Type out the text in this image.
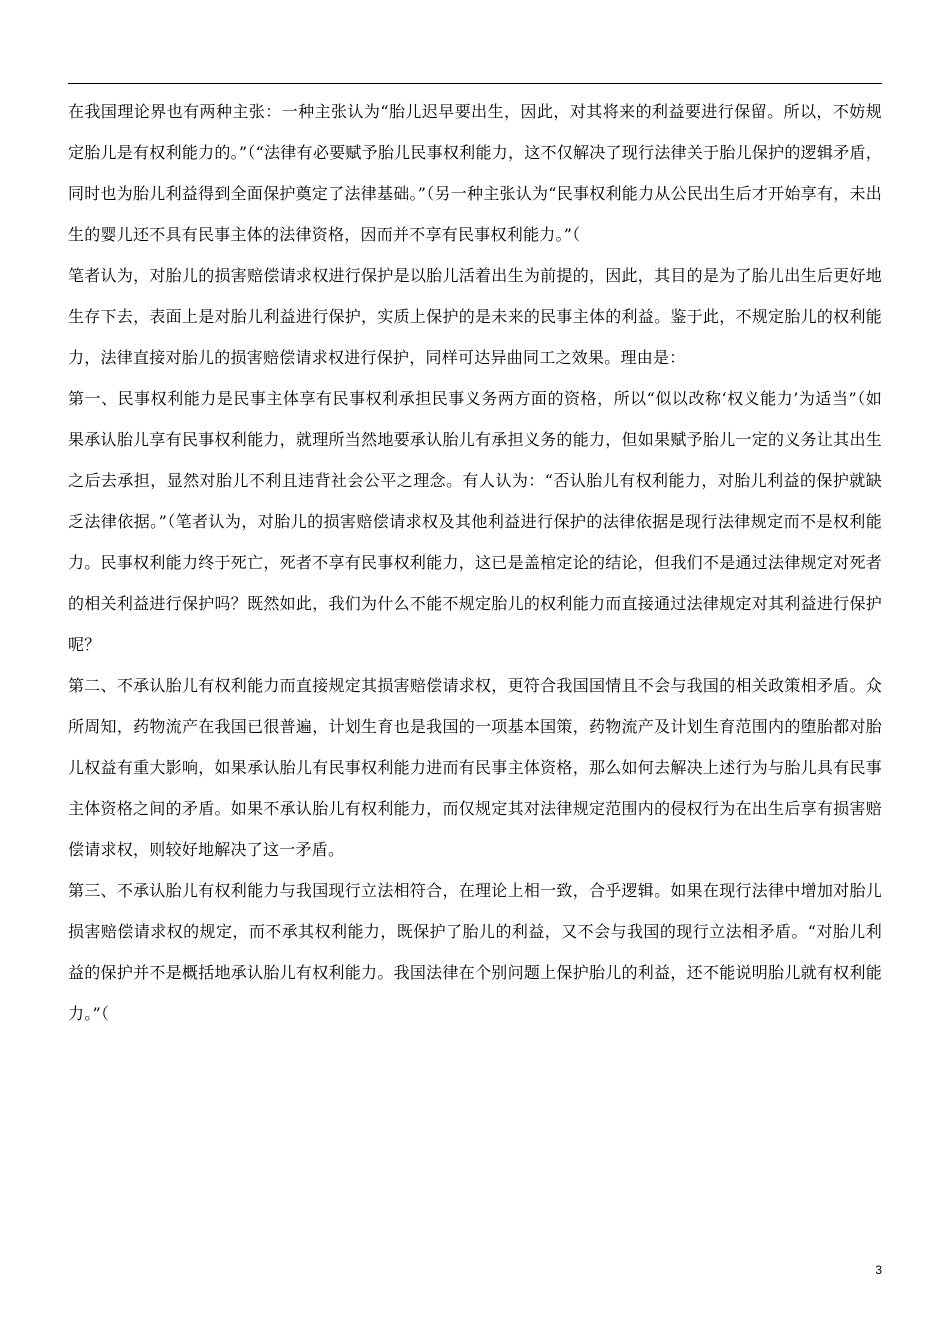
在我国理论界也有两种主张：一种主张认为“胎儿迟早要出生，因此，对其将来的利益要进行保留。所以，不妨规定胎儿是有权利能力的。”（“法律有必要赋予胎儿民事权利能力，这不仅解决了现行法律关于胎儿保护的逻辑矛盾，同时也为胎儿利益得到全面保护奠定了法律基础。”（另一种主张认为“民事权利能力从公民出生后才开始享有，未出生的婴儿还不具有民事主体的法律资格，因而并不享有民事权利能力。”（

笔者认为，对胎儿的损害赔偿请求权进行保护是以胎儿活着出生为前提的，因此，其目的是为了胎儿出生后更好地生存下去，表面上是对胎儿利益进行保护，实质上保护的是未来的民事主体的利益。鉴于此，不规定胎儿的权利能力，法律直接对胎儿的损害赔偿请求权进行保护，同样可达异曲同工之效果。理由是：

第一、民事权利能力是民事主体享有民事权利承担民事义务两方面的资格，所以“似以改称‘权义能力’为适当”（如果承认胎儿享有民事权利能力，就理所当然地要承认胎儿有承担义务的能力，但如果赋予胎儿一定的义务让其出生之后去承担，显然对胎儿不利且违背社会公平之理念。有人认为：“否认胎儿有权利能力，对胎儿利益的保护就缺乏法律依据。”（笔者认为，对胎儿的损害赔偿请求权及其他利益进行保护的法律依据是现行法律规定而不是权利能力。民事权利能力终于死亡，死者不享有民事权利能力，这已是盖棺定论的结论，但我们不是通过法律规定对死者的相关利益进行保护吗？既然如此，我们为什么不能不规定胎儿的权利能力而直接通过法律规定对其利益进行保护呢？

第二、不承认胎儿有权利能力而直接规定其损害赔偿请求权，更符合我国国情且不会与我国的相关政策相矛盾。众所周知，药物流产在我国已很普遍，计划生育也是我国的一项基本国策，药物流产及计划生育范围内的堕胎都对胎儿权益有重大影响，如果承认胎儿有民事权利能力进而有民事主体资格，那么如何去解决上述行为与胎儿具有民事主体资格之间的矛盾。如果不承认胎儿有权利能力，而仅规定其对法律规定范围内的侵权行为在出生后享有损害赔偿请求权，则较好地解决了这一矛盾。

第三、不承认胎儿有权利能力与我国现行立法相符合，在理论上相一致，合乎逻辑。如果在现行法律中增加对胎儿损害赔偿请求权的规定，而不承其权利能力，既保护了胎儿的利益，又不会与我国的现行立法相矛盾。“对胎儿利益的保护并不是概括地承认胎儿有权利能力。我国法律在个别问题上保护胎儿的利益，还不能说明胎儿就有权利能力。”（

3
